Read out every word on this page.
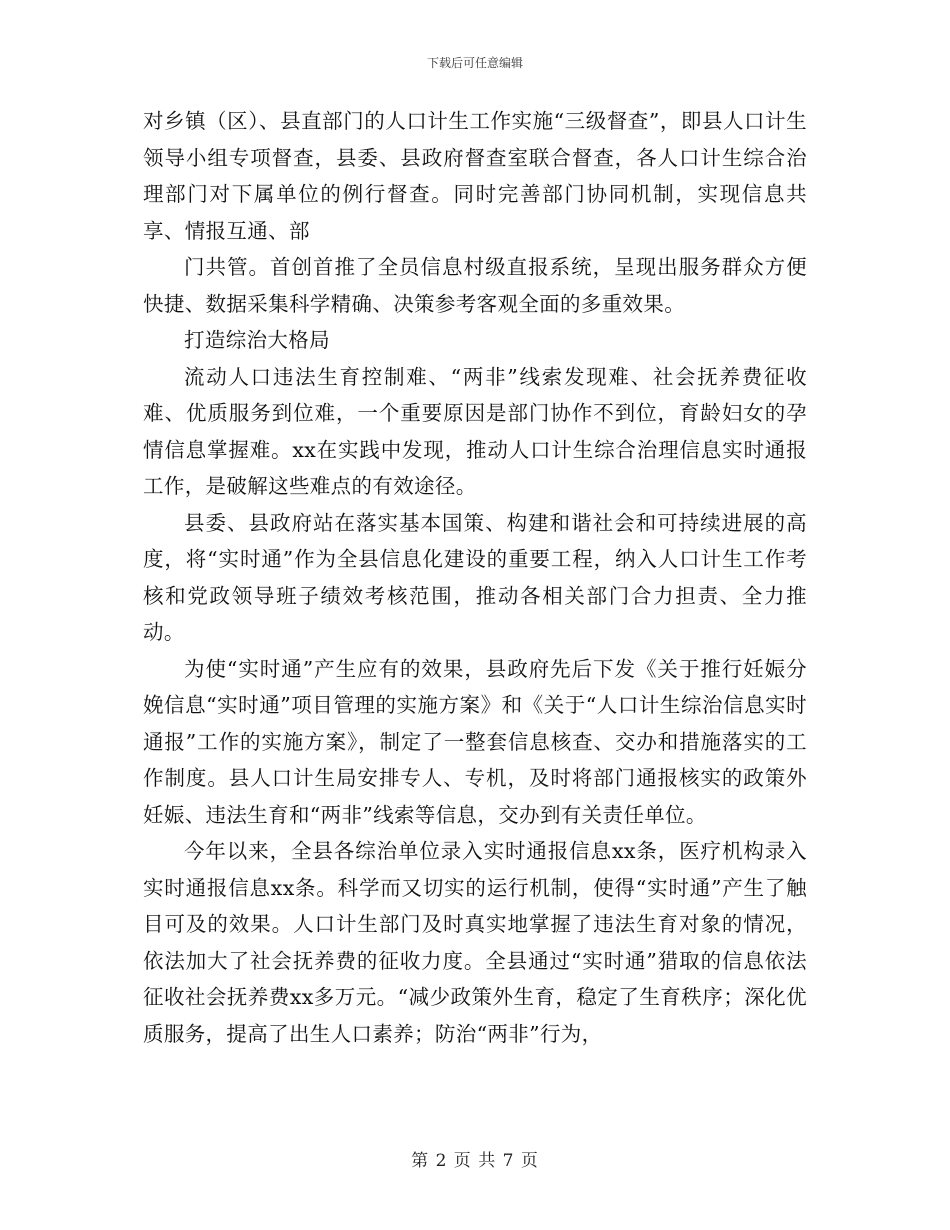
下载后可任意编辑

对乡镇（区）、县直部门的人口计生工作实施“三级督查”，即县人口计生领导小组专项督查，县委、县政府督查室联合督查，各人口计生综合治理部门对下属单位的例行督查。同时完善部门协同机制，实现信息共享、情报互通、部

门共管。首创首推了全员信息村级直报系统，呈现出服务群众方便快捷、数据采集科学精确、决策参考客观全面的多重效果。

打造综治大格局

流动人口违法生育控制难、“两非”线索发现难、社会抚养费征收难、优质服务到位难，一个重要原因是部门协作不到位，育龄妇女的孕情信息掌握难。xx在实践中发现，推动人口计生综合治理信息实时通报工作，是破解这些难点的有效途径。

县委、县政府站在落实基本国策、构建和谐社会和可持续进展的高度，将“实时通”作为全县信息化建设的重要工程，纳入人口计生工作考核和党政领导班子绩效考核范围，推动各相关部门合力担责、全力推动。

为使“实时通”产生应有的效果，县政府先后下发《关于推行妊娠分娩信息“实时通”项目管理的实施方案》和《关于“人口计生综治信息实时通报”工作的实施方案》，制定了一整套信息核查、交办和措施落实的工作制度。县人口计生局安排专人、专机，及时将部门通报核实的政策外妊娠、违法生育和“两非”线索等信息，交办到有关责任单位。

今年以来，全县各综治单位录入实时通报信息xx条，医疗机构录入实时通报信息xx条。科学而又切实的运行机制，使得“实时通”产生了触目可及的效果。人口计生部门及时真实地掌握了违法生育对象的情况，依法加大了社会抚养费的征收力度。全县通过“实时通”猎取的信息依法征收社会抚养费xx多万元。“减少政策外生育，稳定了生育秩序；深化优质服务，提高了出生人口素养；防治“两非”行为，

第 2 页 共 7 页
